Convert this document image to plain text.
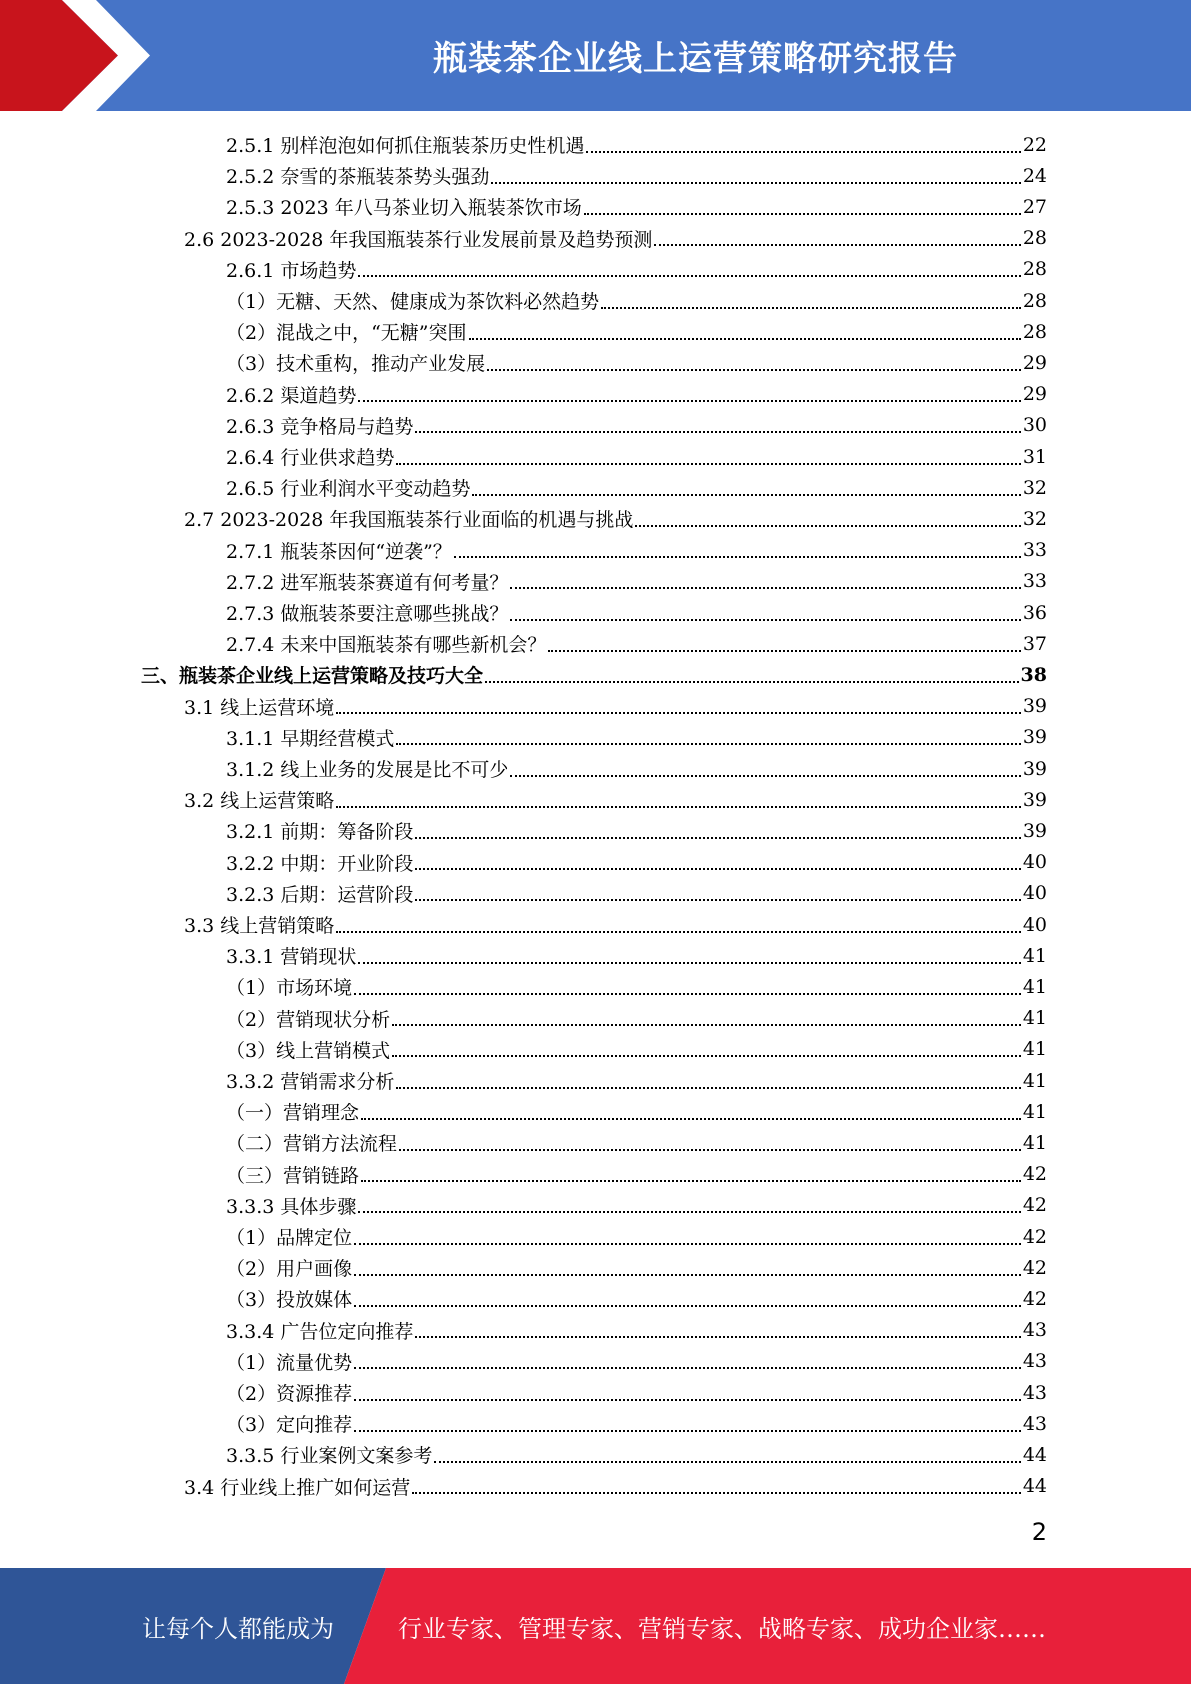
瓶装茶企业线上运营策略研究报告
2.5.1 别样泡泡如何抓住瓶装茶历史性机遇	22
2.5.2 奈雪的茶瓶装茶势头强劲	24
2.5.3 2023 年八马茶业切入瓶装茶饮市场	27
2.6 2023-2028 年我国瓶装茶行业发展前景及趋势预测	28
2.6.1 市场趋势	28
（1）无糖、天然、健康成为茶饮料必然趋势	28
（2）混战之中，“无糖”突围	28
（3）技术重构，推动产业发展	29
2.6.2 渠道趋势	29
2.6.3 竞争格局与趋势	30
2.6.4 行业供求趋势	31
2.6.5 行业利润水平变动趋势	32
2.7 2023-2028 年我国瓶装茶行业面临的机遇与挑战	32
2.7.1 瓶装茶因何“逆袭”？	33
2.7.2 进军瓶装茶赛道有何考量？	33
2.7.3 做瓶装茶要注意哪些挑战？	36
2.7.4 未来中国瓶装茶有哪些新机会？	37
三、瓶装茶企业线上运营策略及技巧大全	38
3.1 线上运营环境	39
3.1.1 早期经营模式	39
3.1.2 线上业务的发展是比不可少	39
3.2 线上运营策略	39
3.2.1 前期：筹备阶段	39
3.2.2 中期：开业阶段	40
3.2.3 后期：运营阶段	40
3.3 线上营销策略	40
3.3.1 营销现状	41
（1）市场环境	41
（2）营销现状分析	41
（3）线上营销模式	41
3.3.2 营销需求分析	41
（一）营销理念	41
（二）营销方法流程	41
（三）营销链路	42
3.3.3 具体步骤	42
（1）品牌定位	42
（2）用户画像	42
（3）投放媒体	42
3.3.4 广告位定向推荐	43
（1）流量优势	43
（2）资源推荐	43
（3）定向推荐	43
3.3.5 行业案例文案参考	44
3.4 行业线上推广如何运营	44
2
让每个人都能成为	行业专家、管理专家、营销专家、战略专家、成功企业家……
